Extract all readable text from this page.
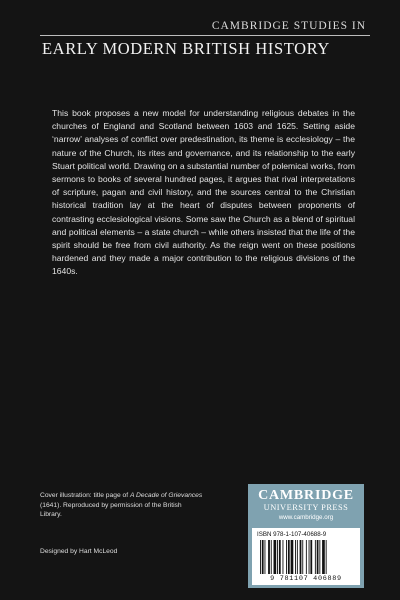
CAMBRIDGE STUDIES IN
EARLY MODERN BRITISH HISTORY

This book proposes a new model for understanding religious debates in the churches of England and Scotland between 1603 and 1625. Setting aside ‘narrow’ analyses of conflict over predestination, its theme is ecclesiology – the nature of the Church, its rites and governance, and its relationship to the early Stuart political world. Drawing on a substantial number of polemical works, from sermons to books of several hundred pages, it argues that rival interpretations of scripture, pagan and civil history, and the sources central to the Christian historical tradition lay at the heart of disputes between proponents of contrasting ecclesiological visions. Some saw the Church as a blend of spiritual and political elements – a state church – while others insisted that the life of the spirit should be free from civil authority. As the reign went on these positions hardened and they made a major contribution to the religious divisions of the 1640s.

Cover illustration: title page of A Decade of Grievances (1641). Reproduced by permission of the British Library.
Designed by Hart McLeod
CAMBRIDGE
UNIVERSITY PRESS
www.cambridge.org
ISBN 978-1-107-40688-9
9 781107 406889
